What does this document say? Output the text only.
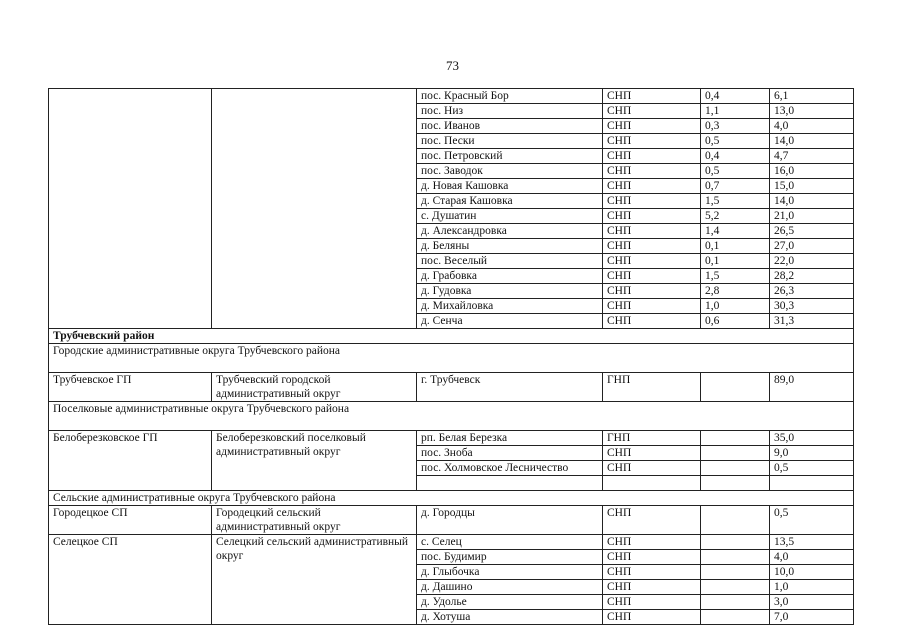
73
		пос. Красный Бор	СНП	0,4	6,1
		пос. Низ	СНП	1,1	13,0
		пос. Иванов	СНП	0,3	4,0
		пос. Пески	СНП	0,5	14,0
		пос. Петровский	СНП	0,4	4,7
		пос. Заводок	СНП	0,5	16,0
		д. Новая Кашовка	СНП	0,7	15,0
		д. Старая Кашовка	СНП	1,5	14,0
		с. Душатин	СНП	5,2	21,0
		д. Александровка	СНП	1,4	26,5
		д. Беляны	СНП	0,1	27,0
		пос. Веселый	СНП	0,1	22,0
		д. Грабовка	СНП	1,5	28,2
		д. Гудовка	СНП	2,8	26,3
		д. Михайловка	СНП	1,0	30,3
		д. Сенча	СНП	0,6	31,3
Трубчевский район					
Городские административные округа Трубчевского района					
Трубчевское ГП	Трубчевский городской административный округ	г. Трубчевск	ГНП		89,0
Поселковые административные округа Трубчевского района					
Белоберезковское ГП	Белоберезковский поселковый административный округ	рп. Белая Березка	ГНП		35,0
		пос. Зноба	СНП		9,0
		пос. Холмовское Лесничество	СНП		0,5

Сельские административные округа Трубчевского района					
Городецкое СП	Городецкий сельский административный округ	д. Городцы	СНП		0,5
Селецкое СП	Селецкий сельский административный округ	с. Селец	СНП		13,5
		пос. Будимир	СНП		4,0
		д. Глыбочка	СНП		10,0
		д. Дашино	СНП		1,0
		д. Удолье	СНП		3,0
		д. Хотуша	СНП		7,0
